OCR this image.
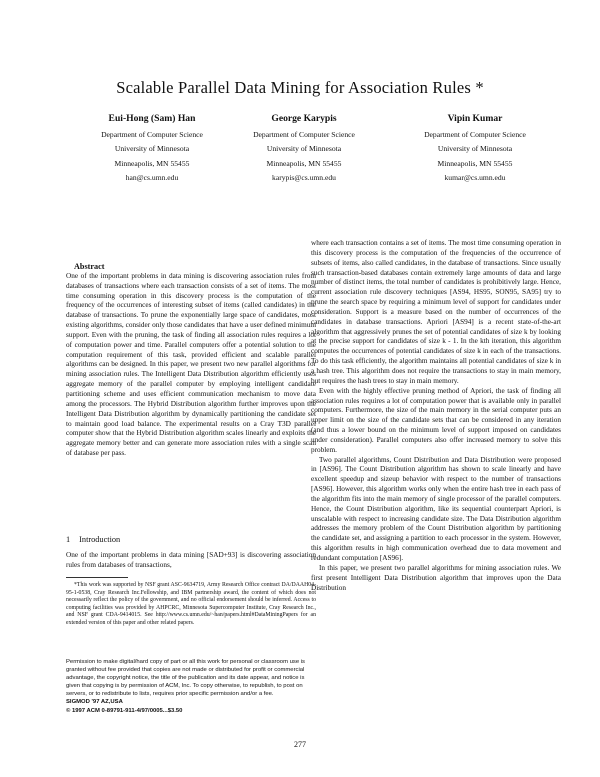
Scalable Parallel Data Mining for Association Rules *
Eui-Hong (Sam) Han
Department of Computer Science
University of Minnesota
Minneapolis, MN 55455
han@cs.umn.edu
George Karypis
Department of Computer Science
University of Minnesota
Minneapolis, MN 55455
karypis@cs.umn.edu
Vipin Kumar
Department of Computer Science
University of Minnesota
Minneapolis, MN 55455
kumar@cs.umn.edu

Abstract

One of the important problems in data mining is discovering association rules from databases of transactions where each transaction consists of a set of items. The most time consuming operation in this discovery process is the computation of the frequency of the occurrences of interesting subset of items (called candidates) in the database of transactions. To prune the exponentially large space of candidates, most existing algorithms, consider only those candidates that have a user defined minimum support. Even with the pruning, the task of finding all association rules requires a lot of computation power and time. Parallel computers offer a potential solution to the computation requirement of this task, provided efficient and scalable parallel algorithms can be designed. In this paper, we present two new parallel algorithms for mining association rules. The Intelligent Data Distribution algorithm efficiently uses aggregate memory of the parallel computer by employing intelligent candidate partitioning scheme and uses efficient communication mechanism to move data among the processors. The Hybrid Distribution algorithm further improves upon the Intelligent Data Distribution algorithm by dynamically partitioning the candidate set to maintain good load balance. The experimental results on a Cray T3D parallel computer show that the Hybrid Distribution algorithm scales linearly and exploits the aggregate memory better and can generate more association rules with a single scan of database per pass.

1 Introduction
One of the important problems in data mining [SAD+93] is discovering association rules from databases of transactions,

*This work was supported by NSF grant ASC-9634719, Army Research Office contract DA/DAAH04-95-1-0538, Cray Research Inc.Fellowship, and IBM partnership award, the content of which does not necessarily reflect the policy of the government, and no official endorsement should be inferred. Access to computing facilities was provided by AHPCRC, Minnesota Supercomputer Institute, Cray Research Inc., and NSF grant CDA-9414015. See http://www.cs.umn.edu/~han/papers.html#DataMiningPapers for an extended version of this paper and other related papers.

Permission to make digital/hard copy of part or all this work for personal or classroom use is granted without fee provided that copies are not made or distributed for profit or commercial advantage, the copyright notice, the title of the publication and its date appear, and notice is given that copying is by permission of ACM, Inc. To copy otherwise, to republish, to post on servers, or to redistribute to lists, requires prior specific permission and/or a fee.
SIGMOD '97 AZ,USA
© 1997 ACM 0-89791-911-4/97/0005...$3.50

where each transaction contains a set of items. The most time consuming operation in this discovery process is the computation of the frequencies of the occurrence of subsets of items, also called candidates, in the database of transactions. Since usually such transaction-based databases contain extremely large amounts of data and large number of distinct items, the total number of candidates is prohibitively large. Hence, current association rule discovery techniques [AS94, HS95, SON95, SA95] try to prune the search space by requiring a minimum level of support for candidates under consideration. Support is a measure based on the number of occurrences of the candidates in database transactions. Apriori [AS94] is a recent state-of-the-art algorithm that aggressively prunes the set of potential candidates of size k by looking at the precise support for candidates of size k - 1. In the kth iteration, this algorithm computes the occurrences of potential candidates of size k in each of the transactions. To do this task efficiently, the algorithm maintains all potential candidates of size k in a hash tree. This algorithm does not require the transactions to stay in main memory, but requires the hash trees to stay in main memory.

Even with the highly effective pruning method of Apriori, the task of finding all association rules requires a lot of computation power that is available only in parallel computers. Furthermore, the size of the main memory in the serial computer puts an upper limit on the size of the candidate sets that can be considered in any iteration (and thus a lower bound on the minimum level of support imposed on candidates under consideration). Parallel computers also offer increased memory to solve this problem.

Two parallel algorithms, Count Distribution and Data Distribution were proposed in [AS96]. The Count Distribution algorithm has shown to scale linearly and have excellent speedup and sizeup behavior with respect to the number of transactions [AS96]. However, this algorithm works only when the entire hash tree in each pass of the algorithm fits into the main memory of single processor of the parallel computers. Hence, the Count Distribution algorithm, like its sequential counterpart Apriori, is unscalable with respect to increasing candidate size. The Data Distribution algorithm addresses the memory problem of the Count Distribution algorithm by partitioning the candidate set, and assigning a partition to each processor in the system. However, this algorithm results in high communication overhead due to data movement and redundant computation [AS96].

In this paper, we present two parallel algorithms for mining association rules. We first present Intelligent Data Distribution algorithm that improves upon the Data Distribution

277
